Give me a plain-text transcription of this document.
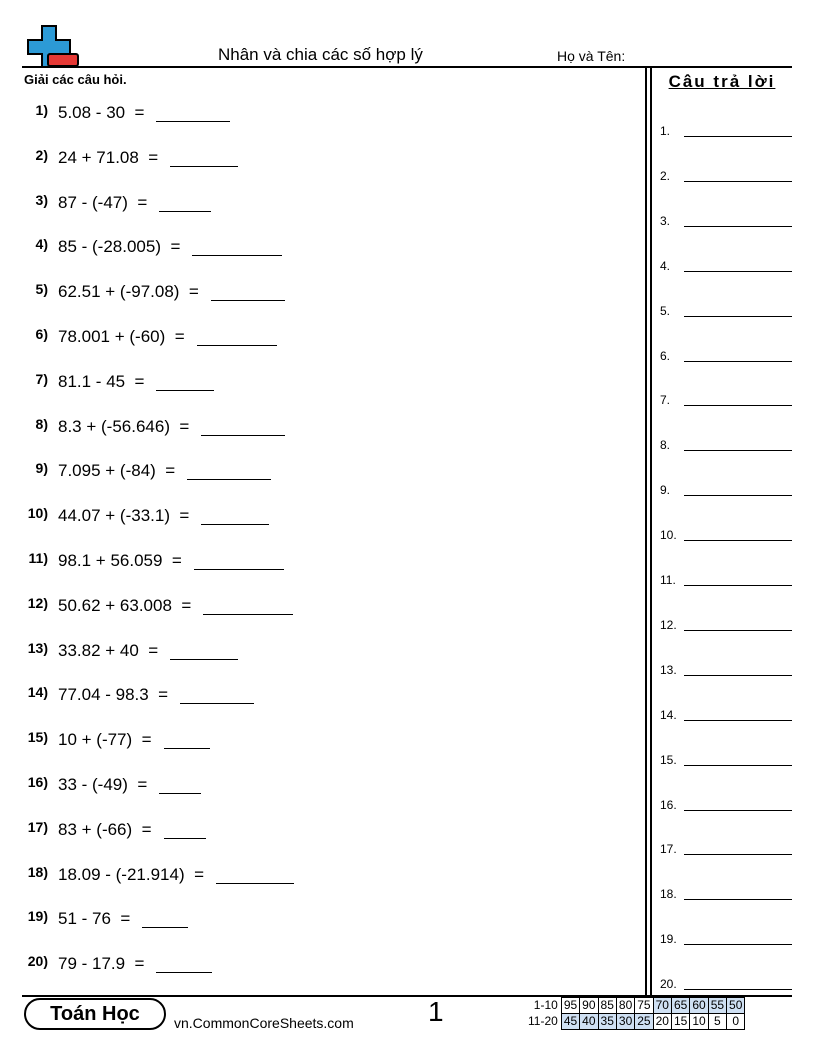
Nhân và chia các số hợp lý	Họ và Tên:
Giải các câu hỏi.
1) 5.08 - 30  =
2) 24 + 71.08  =
3) 87 - (-47)  =
4) 85 - (-28.005)  =
5) 62.51 + (-97.08)  =
6) 78.001 + (-60)  =
7) 81.1 - 45  =
8) 8.3 + (-56.646)  =
9) 7.095 + (-84)  =
10) 44.07 + (-33.1)  =
11) 98.1 + 56.059  =
12) 50.62 + 63.008  =
13) 33.82 + 40  =
14) 77.04 - 98.3  =
15) 10 + (-77)  =
16) 33 - (-49)  =
17) 83 + (-66)  =
18) 18.09 - (-21.914)  =
19) 51 - 76  =
20) 79 - 17.9  =
Câu trả lời
1.
2.
3.
4.
5.
6.
7.
8.
9.
10.
11.
12.
13.
14.
15.
16.
17.
18.
19.
20.
Toán Học	vn.CommonCoreSheets.com	1	1-10	95	90	85	80	75	70	65	60	55	50
11-20	45	40	35	30	25	20	15	10	5	0
